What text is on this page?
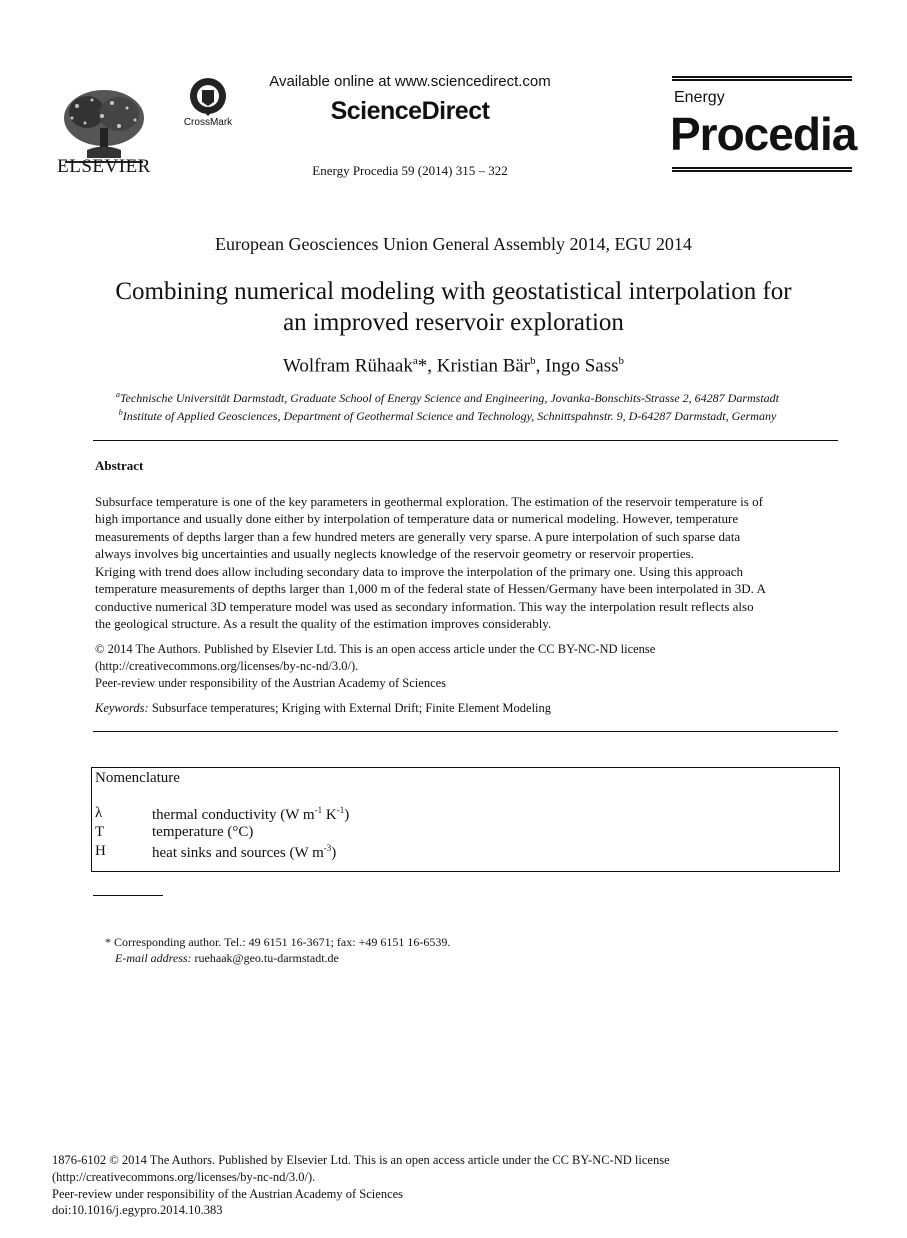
ELSEVIER
CrossMark
Available online at www.sciencedirect.com
ScienceDirect
Energy Procedia 59 (2014) 315 – 322
Energy
Procedia
European Geosciences Union General Assembly 2014, EGU 2014
Combining numerical modeling with geostatistical interpolation for
an improved reservoir exploration
Wolfram Rühaak$^a$*, Kristian Bär$^b$, Ingo Sass$^b$
$^a$Technische Universität Darmstadt, Graduate School of Energy Science and Engineering, Jovanka-Bonschits-Strasse 2, 64287 Darmstadt
$^b$Institute of Applied Geosciences, Department of Geothermal Science and Technology, Schnittspahnstr. 9, D-64287 Darmstadt, Germany
Abstract
Subsurface temperature is one of the key parameters in geothermal exploration. The estimation of the reservoir temperature is of
high importance and usually done either by interpolation of temperature data or numerical modeling. However, temperature
measurements of depths larger than a few hundred meters are generally very sparse. A pure interpolation of such sparse data
always involves big uncertainties and usually neglects knowledge of the reservoir geometry or reservoir properties.
Kriging with trend does allow including secondary data to improve the interpolation of the primary one. Using this approach
temperature measurements of depths larger than 1,000 m of the federal state of Hessen/Germany have been interpolated in 3D. A
conductive numerical 3D temperature model was used as secondary information. This way the interpolation result reflects also
the geological structure. As a result the quality of the estimation improves considerably.
© 2014 The Authors. Published by Elsevier Ltd. This is an open access article under the CC BY-NC-ND license
(http://creativecommons.org/licenses/by-nc-nd/3.0/).
Peer-review under responsibility of the Austrian Academy of Sciences
Keywords: Subsurface temperatures; Kriging with External Drift; Finite Element Modeling
Nomenclature
λ	thermal conductivity (W $m^{-1}$ $K^{-1}$)
T	temperature (°C)
H	heat sinks and sources (W $m^{-3}$)
* Corresponding author. Tel.: 49 6151 16-3671; fax: +49 6151 16-6539.
E-mail address: ruehaak@geo.tu-darmstadt.de
1876-6102 © 2014 The Authors. Published by Elsevier Ltd. This is an open access article under the CC BY-NC-ND license
(http://creativecommons.org/licenses/by-nc-nd/3.0/).
Peer-review under responsibility of the Austrian Academy of Sciences
doi:10.1016/j.egypro.2014.10.383
